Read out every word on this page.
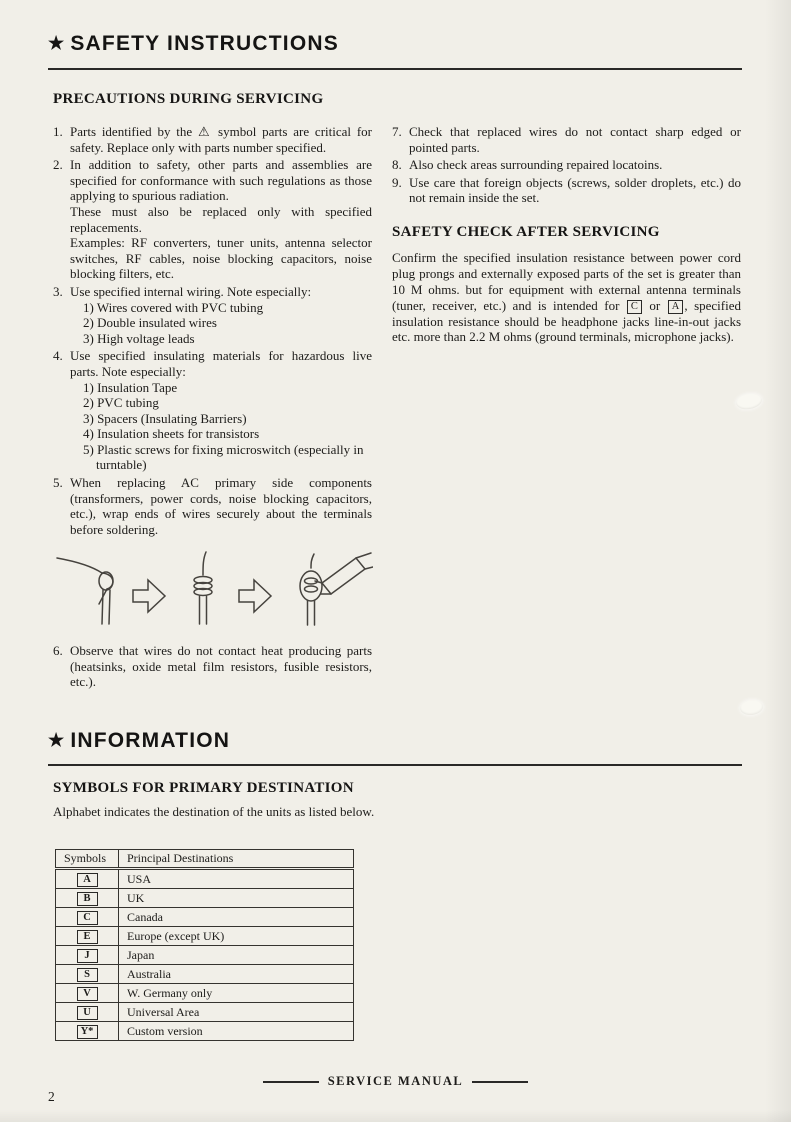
★ SAFETY INSTRUCTIONS
PRECAUTIONS DURING SERVICING
1. Parts identified by the ⚠ symbol parts are critical for safety. Replace only with parts number specified.
2. In addition to safety, other parts and assemblies are specified for conformance with such regulations as those applying to spurious radiation.
These must also be replaced only with specified replacements.
Examples: RF converters, tuner units, antenna selector switches, RF cables, noise blocking capacitors, noise blocking filters, etc.
3. Use specified internal wiring. Note especially:
1) Wires covered with PVC tubing
2) Double insulated wires
3) High voltage leads
4. Use specified insulating materials for hazardous live parts. Note especially:
1) Insulation Tape
2) PVC tubing
3) Spacers (Insulating Barriers)
4) Insulation sheets for transistors
5) Plastic screws for fixing microswitch (especially in turntable)
5. When replacing AC primary side components (transformers, power cords, noise blocking capacitors, etc.), wrap ends of wires securely about the terminals before soldering.
6. Observe that wires do not contact heat producing parts (heatsinks, oxide metal film resistors, fusible resistors, etc.).
7. Check that replaced wires do not contact sharp edged or pointed parts.
8. Also check areas surrounding repaired locatoins.
9. Use care that foreign objects (screws, solder droplets, etc.) do not remain inside the set.
SAFETY CHECK AFTER SERVICING

Confirm the specified insulation resistance between power cord plug prongs and externally exposed parts of the set is greater than 10 M ohms. but for equipment with external antenna terminals (tuner, receiver, etc.) and is intended for C or A , specified insulation resistance should be headphone jacks line-in-out jacks etc. more than 2.2 M ohms (ground terminals, microphone jacks).

★ INFORMATION
SYMBOLS FOR PRIMARY DESTINATION
Alphabet indicates the destination of the units as listed below.
Symbols	Principal Destinations
A	USA
B	UK
C	Canada
E	Europe (except UK)
J	Japan
S	Australia
V	W. Germany only
U	Universal Area
Y*	Custom version
SERVICE MANUAL
2
